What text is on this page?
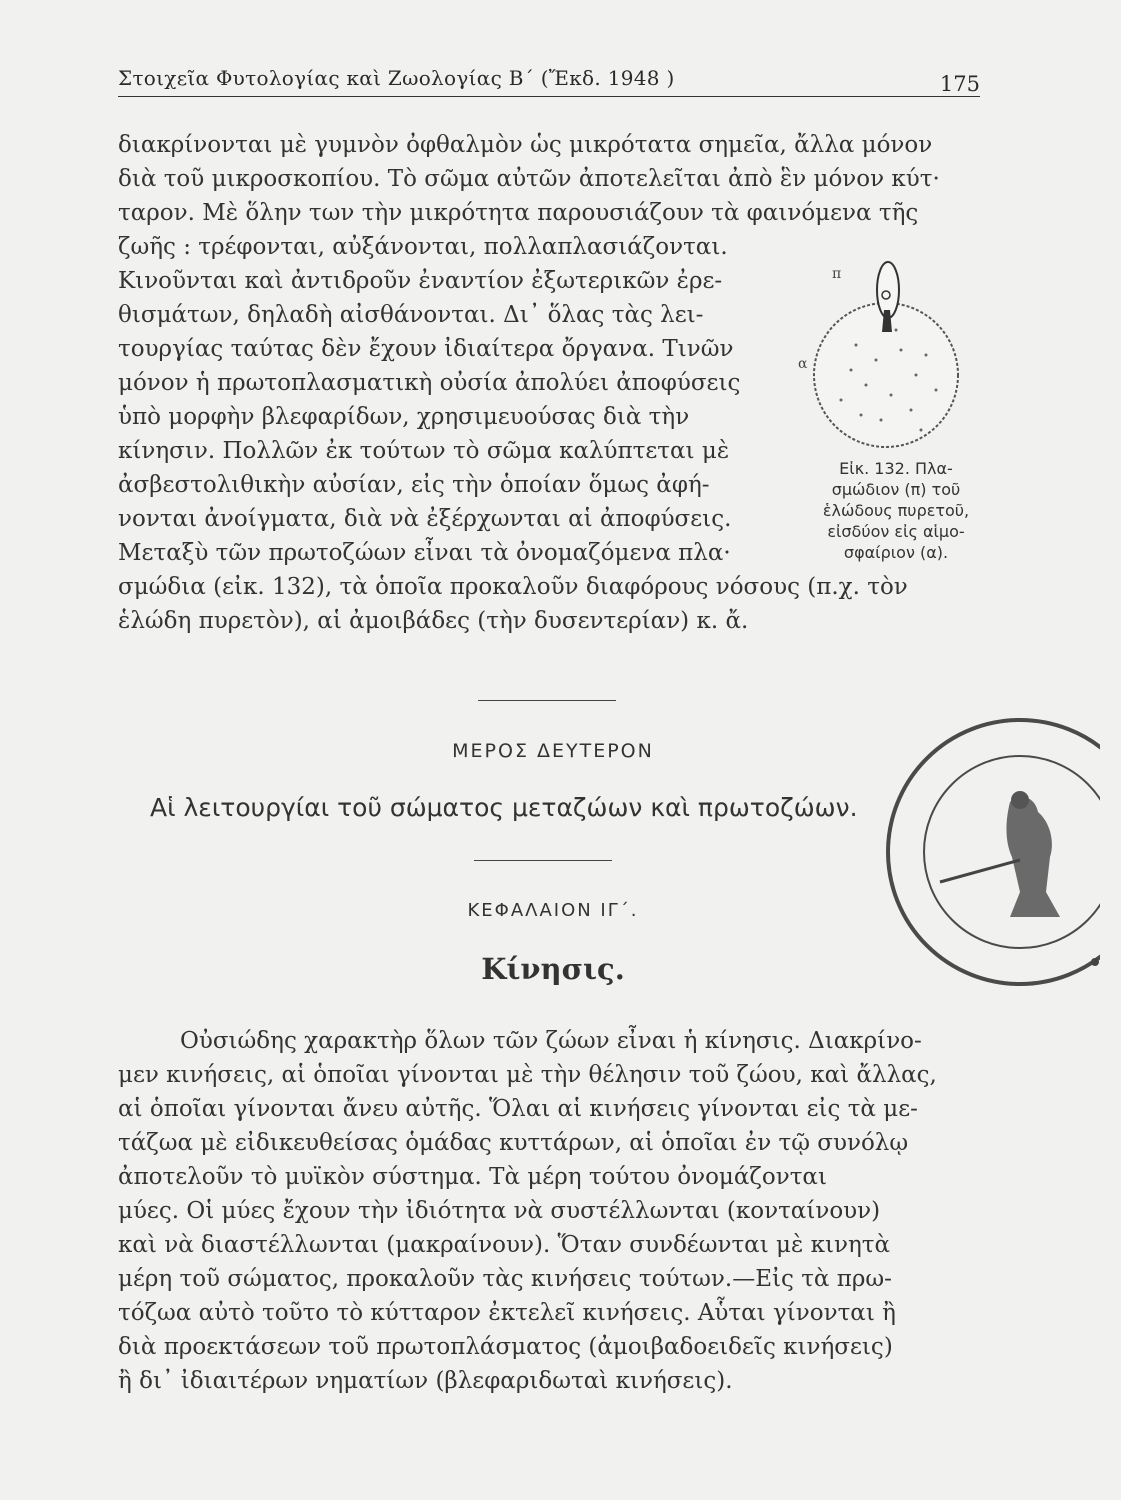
Στοιχεῖα Φυτολογίας καὶ Ζωολογίας Β΄ (Ἔκδ. 1948 )	175
διακρίνονται μὲ γυμνὸν ὀφθαλμὸν ὡς μικρότατα σημεῖα, ἄλλα μόνον
διὰ τοῦ μικροσκοπίου. Τὸ σῶμα αὐτῶν ἀποτελεῖται ἀπὸ ἓν μόνον κύτ·
ταρον. Μὲ ὅλην των τὴν μικρότητα παρουσιάζουν τὰ φαινόμενα τῆς
ζωῆς : τρέφονται, αὐξάνονται, πολλαπλασιάζονται.
Κινοῦνται καὶ ἀντιδροῦν ἐναντίον ἐξωτερικῶν ἐρε-
θισμάτων, δηλαδὴ αἰσθάνονται. Δι᾽ ὅλας τὰς λει-
τουργίας ταύτας δὲν ἔχουν ἰδιαίτερα ὄργανα. Τινῶν
μόνον ἡ πρωτοπλασματικὴ οὐσία ἀπολύει ἀποφύσεις
ὑπὸ μορφὴν βλεφαρίδων, χρησιμευούσας διὰ τὴν
κίνησιν. Πολλῶν ἐκ τούτων τὸ σῶμα καλύπτεται μὲ
ἀσβεστολιθικὴν αὐσίαν, εἰς τὴν ὁποίαν ὅμως ἀφή-
νονται ἀνοίγματα, διὰ νὰ ἐξέρχωνται αἱ ἀποφύσεις.
Μεταξὺ τῶν πρωτοζώων εἶναι τὰ ὀνομαζόμενα πλα·
σμώδια (εἰκ. 132), τὰ ὁποῖα προκαλοῦν διαφόρους νόσους (π.χ. τὸν
ἑλώδη πυρετὸν), αἱ ἀμοιβάδες (τὴν δυσεντερίαν) κ. ἄ.
π
α
Εἰκ. 132. Πλα-
σμώδιον (π) τοῦ
ἑλώδους πυρετοῦ,
εἰσδύον εἰς αἱμο-
σφαίριον (α).
ΜΕΡΟΣ ΔΕΥΤΕΡΟΝ
Αἱ λειτουργίαι τοῦ σώματος μεταζώων καὶ πρωτοζώων.
ΚΕΦΑΛΑΙΟΝ ΙΓ΄.
Κίνησις.
Οὐσιώδης χαρακτὴρ ὅλων τῶν ζώων εἶναι ἡ κίνησις. Διακρίνο-
μεν κινήσεις, αἱ ὁποῖαι γίνονται μὲ τὴν θέλησιν τοῦ ζώου, καὶ ἄλλας,
αἱ ὁποῖαι γίνονται ἄνευ αὐτῆς. Ὅλαι αἱ κινήσεις γίνονται εἰς τὰ με-
τάζωα μὲ εἰδικευθείσας ὁμάδας κυττάρων, αἱ ὁποῖαι ἐν τῷ συνόλῳ
ἀποτελοῦν τὸ μυϊκὸν σύστημα. Τὰ μέρη τούτου ὀνομάζονται
μύες. Οἱ μύες ἔχουν τὴν ἰδιότητα νὰ συστέλλωνται (κονταίνουν)
καὶ νὰ διαστέλλωνται (μακραίνουν). Ὅταν συνδέωνται μὲ κινητὰ
μέρη τοῦ σώματος, προκαλοῦν τὰς κινήσεις τούτων.—Εἰς τὰ πρω-
τόζωα αὐτὸ τοῦτο τὸ κύτταρον ἐκτελεῖ κινήσεις. Αὗται γίνονται ἢ
διὰ προεκτάσεων τοῦ πρωτοπλάσματος (ἀμοιβαδοειδεῖς κινήσεις)
ἢ δι᾽ ἰδιαιτέρων νηματίων (βλεφαριδωταὶ κινήσεις).
